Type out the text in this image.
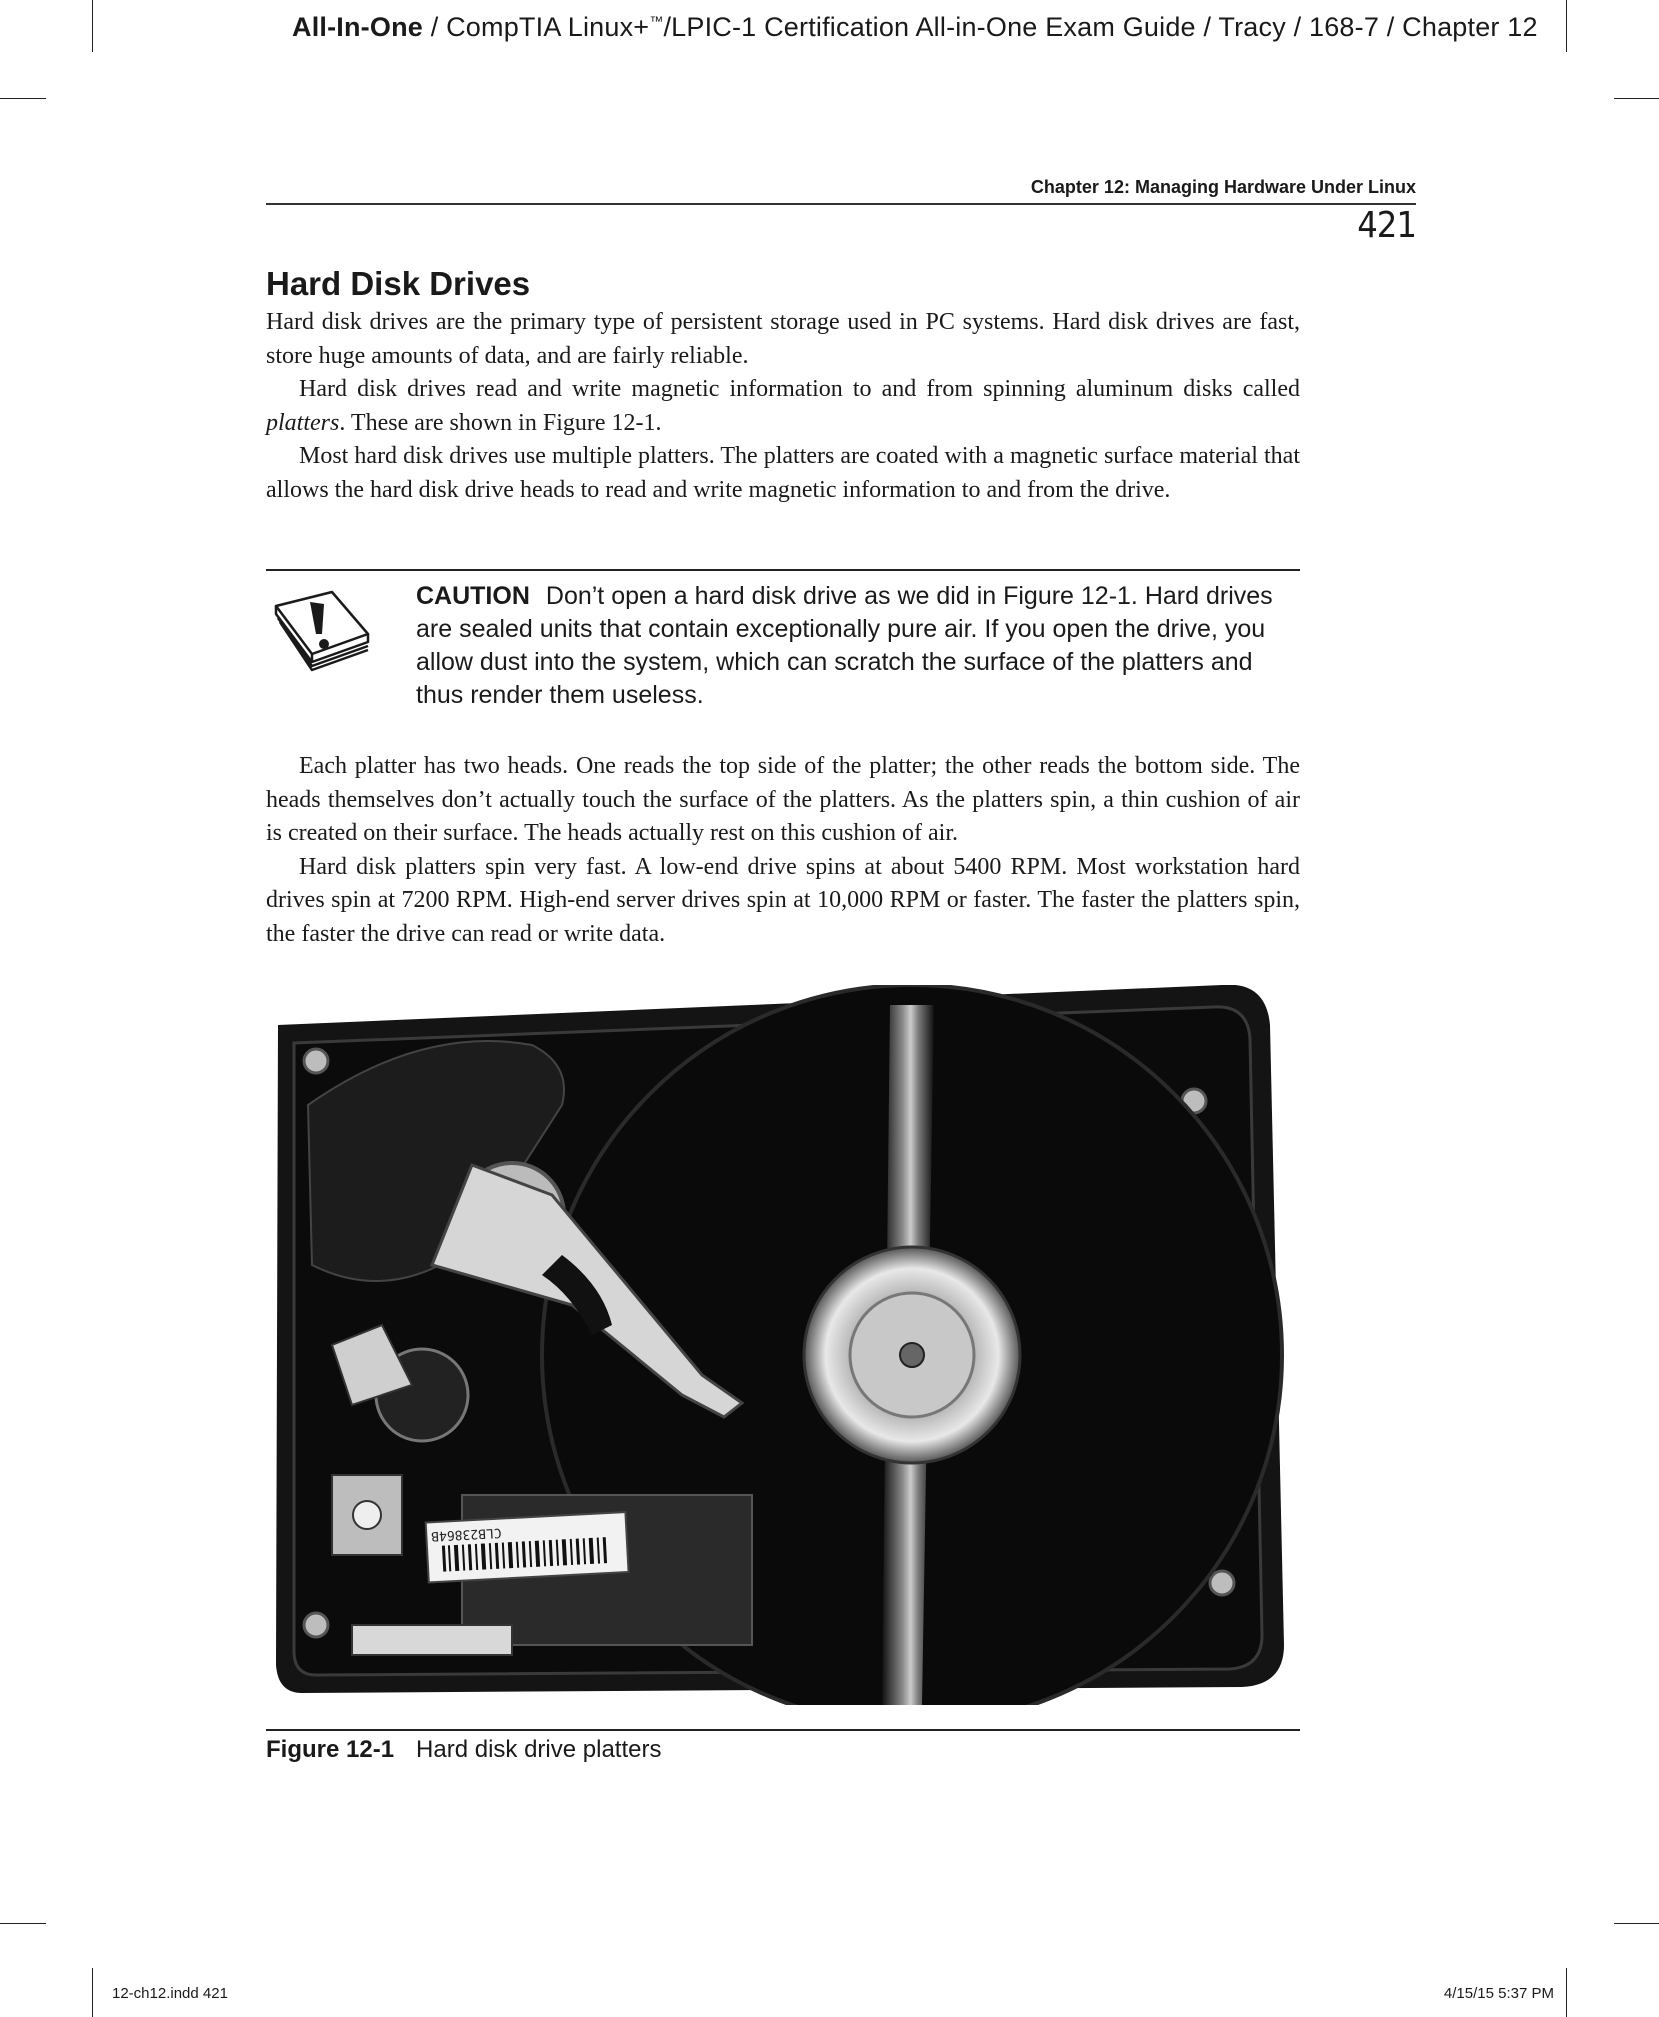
All-In-One / CompTIA Linux+™/LPIC-1 Certification All-in-One Exam Guide / Tracy / 168-7 / Chapter 12
Chapter 12: Managing Hardware Under Linux
421
Hard Disk Drives

Hard disk drives are the primary type of persistent storage used in PC systems. Hard disk drives are fast, store huge amounts of data, and are fairly reliable.

Hard disk drives read and write magnetic information to and from spinning aluminum disks called platters. These are shown in Figure 12-1.

Most hard disk drives use multiple platters. The platters are coated with a magnetic surface material that allows the hard disk drive heads to read and write magnetic information to and from the drive.

CAUTION Don’t open a hard disk drive as we did in Figure 12-1. Hard drives are sealed units that contain exceptionally pure air. If you open the drive, you allow dust into the system, which can scratch the surface of the platters and thus render them useless.

Each platter has two heads. One reads the top side of the platter; the other reads the bottom side. The heads themselves don’t actually touch the surface of the platters. As the platters spin, a thin cushion of air is created on their surface. The heads actually rest on this cushion of air.

Hard disk platters spin very fast. A low-end drive spins at about 5400 RPM. Most workstation hard drives spin at 7200 RPM. High-end server drives spin at 10,000 RPM or faster. The faster the platters spin, the faster the drive can read or write data.

CLB23864B
Figure 12-1 Hard disk drive platters
12-ch12.indd 421	4/15/15 5:37 PM
